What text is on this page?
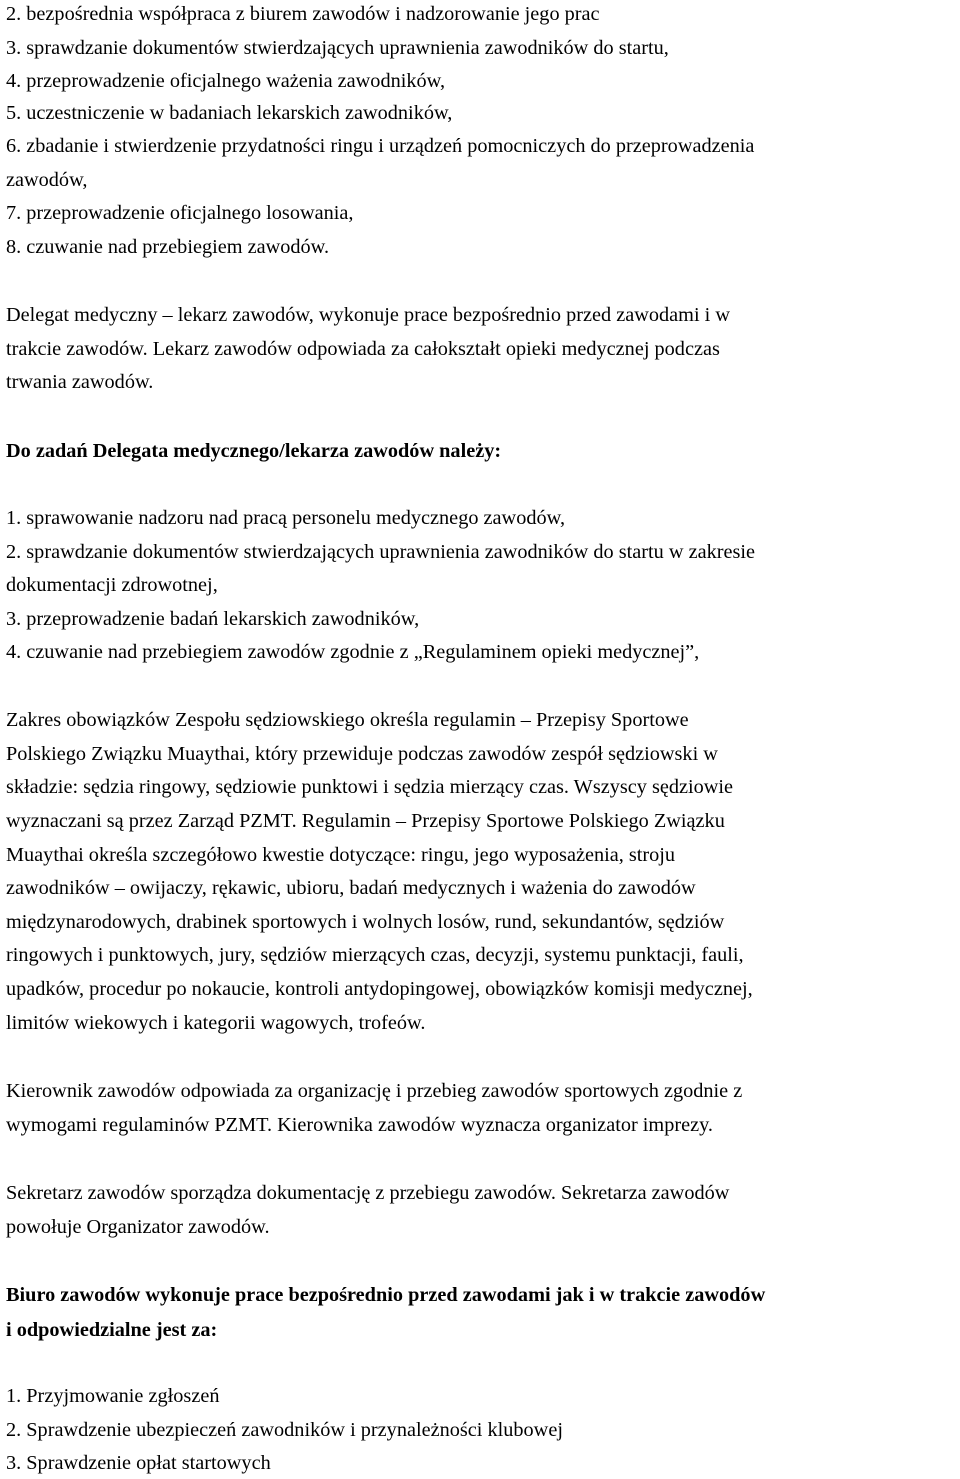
2. bezpośrednia współpraca z biurem zawodów i nadzorowanie jego prac
3. sprawdzanie dokumentów stwierdzających uprawnienia zawodników do startu,
4. przeprowadzenie oficjalnego ważenia zawodników,
5. uczestniczenie w badaniach lekarskich zawodników,
6. zbadanie i stwierdzenie przydatności ringu i urządzeń pomocniczych do przeprowadzenia
zawodów,
7. przeprowadzenie oficjalnego losowania,
8. czuwanie nad przebiegiem zawodów.
Delegat medyczny – lekarz zawodów, wykonuje prace bezpośrednio przed zawodami i w
trakcie zawodów. Lekarz zawodów odpowiada za całokształt opieki medycznej podczas
trwania zawodów.
Do zadań Delegata medycznego/lekarza zawodów należy:
1. sprawowanie nadzoru nad pracą personelu medycznego zawodów,
2. sprawdzanie dokumentów stwierdzających uprawnienia zawodników do startu w zakresie
dokumentacji zdrowotnej,
3. przeprowadzenie badań lekarskich zawodników,
4. czuwanie nad przebiegiem zawodów zgodnie z „Regulaminem opieki medycznej”,
Zakres obowiązków Zespołu sędziowskiego określa regulamin – Przepisy Sportowe
Polskiego Związku Muaythai, który przewiduje podczas zawodów zespół sędziowski w
składzie: sędzia ringowy, sędziowie punktowi i sędzia mierzący czas. Wszyscy sędziowie
wyznaczani są przez Zarząd PZMT. Regulamin – Przepisy Sportowe Polskiego Związku
Muaythai określa szczegółowo kwestie dotyczące: ringu, jego wyposażenia, stroju
zawodników – owijaczy, rękawic, ubioru, badań medycznych i ważenia do zawodów
międzynarodowych, drabinek sportowych i wolnych losów, rund, sekundantów, sędziów
ringowych i punktowych, jury, sędziów mierzących czas, decyzji, systemu punktacji, fauli,
upadków, procedur po nokaucie, kontroli antydopingowej, obowiązków komisji medycznej,
limitów wiekowych i kategorii wagowych, trofeów.
Kierownik zawodów odpowiada za organizację i przebieg zawodów sportowych zgodnie z
wymogami regulaminów PZMT. Kierownika zawodów wyznacza organizator imprezy.
Sekretarz zawodów sporządza dokumentację z przebiegu zawodów. Sekretarza zawodów
powołuje Organizator zawodów.
Biuro zawodów wykonuje prace bezpośrednio przed zawodami jak i w trakcie zawodów
i odpowiedzialne jest za:
1. Przyjmowanie zgłoszeń
2. Sprawdzenie ubezpieczeń zawodników i przynależności klubowej
3. Sprawdzenie opłat startowych
